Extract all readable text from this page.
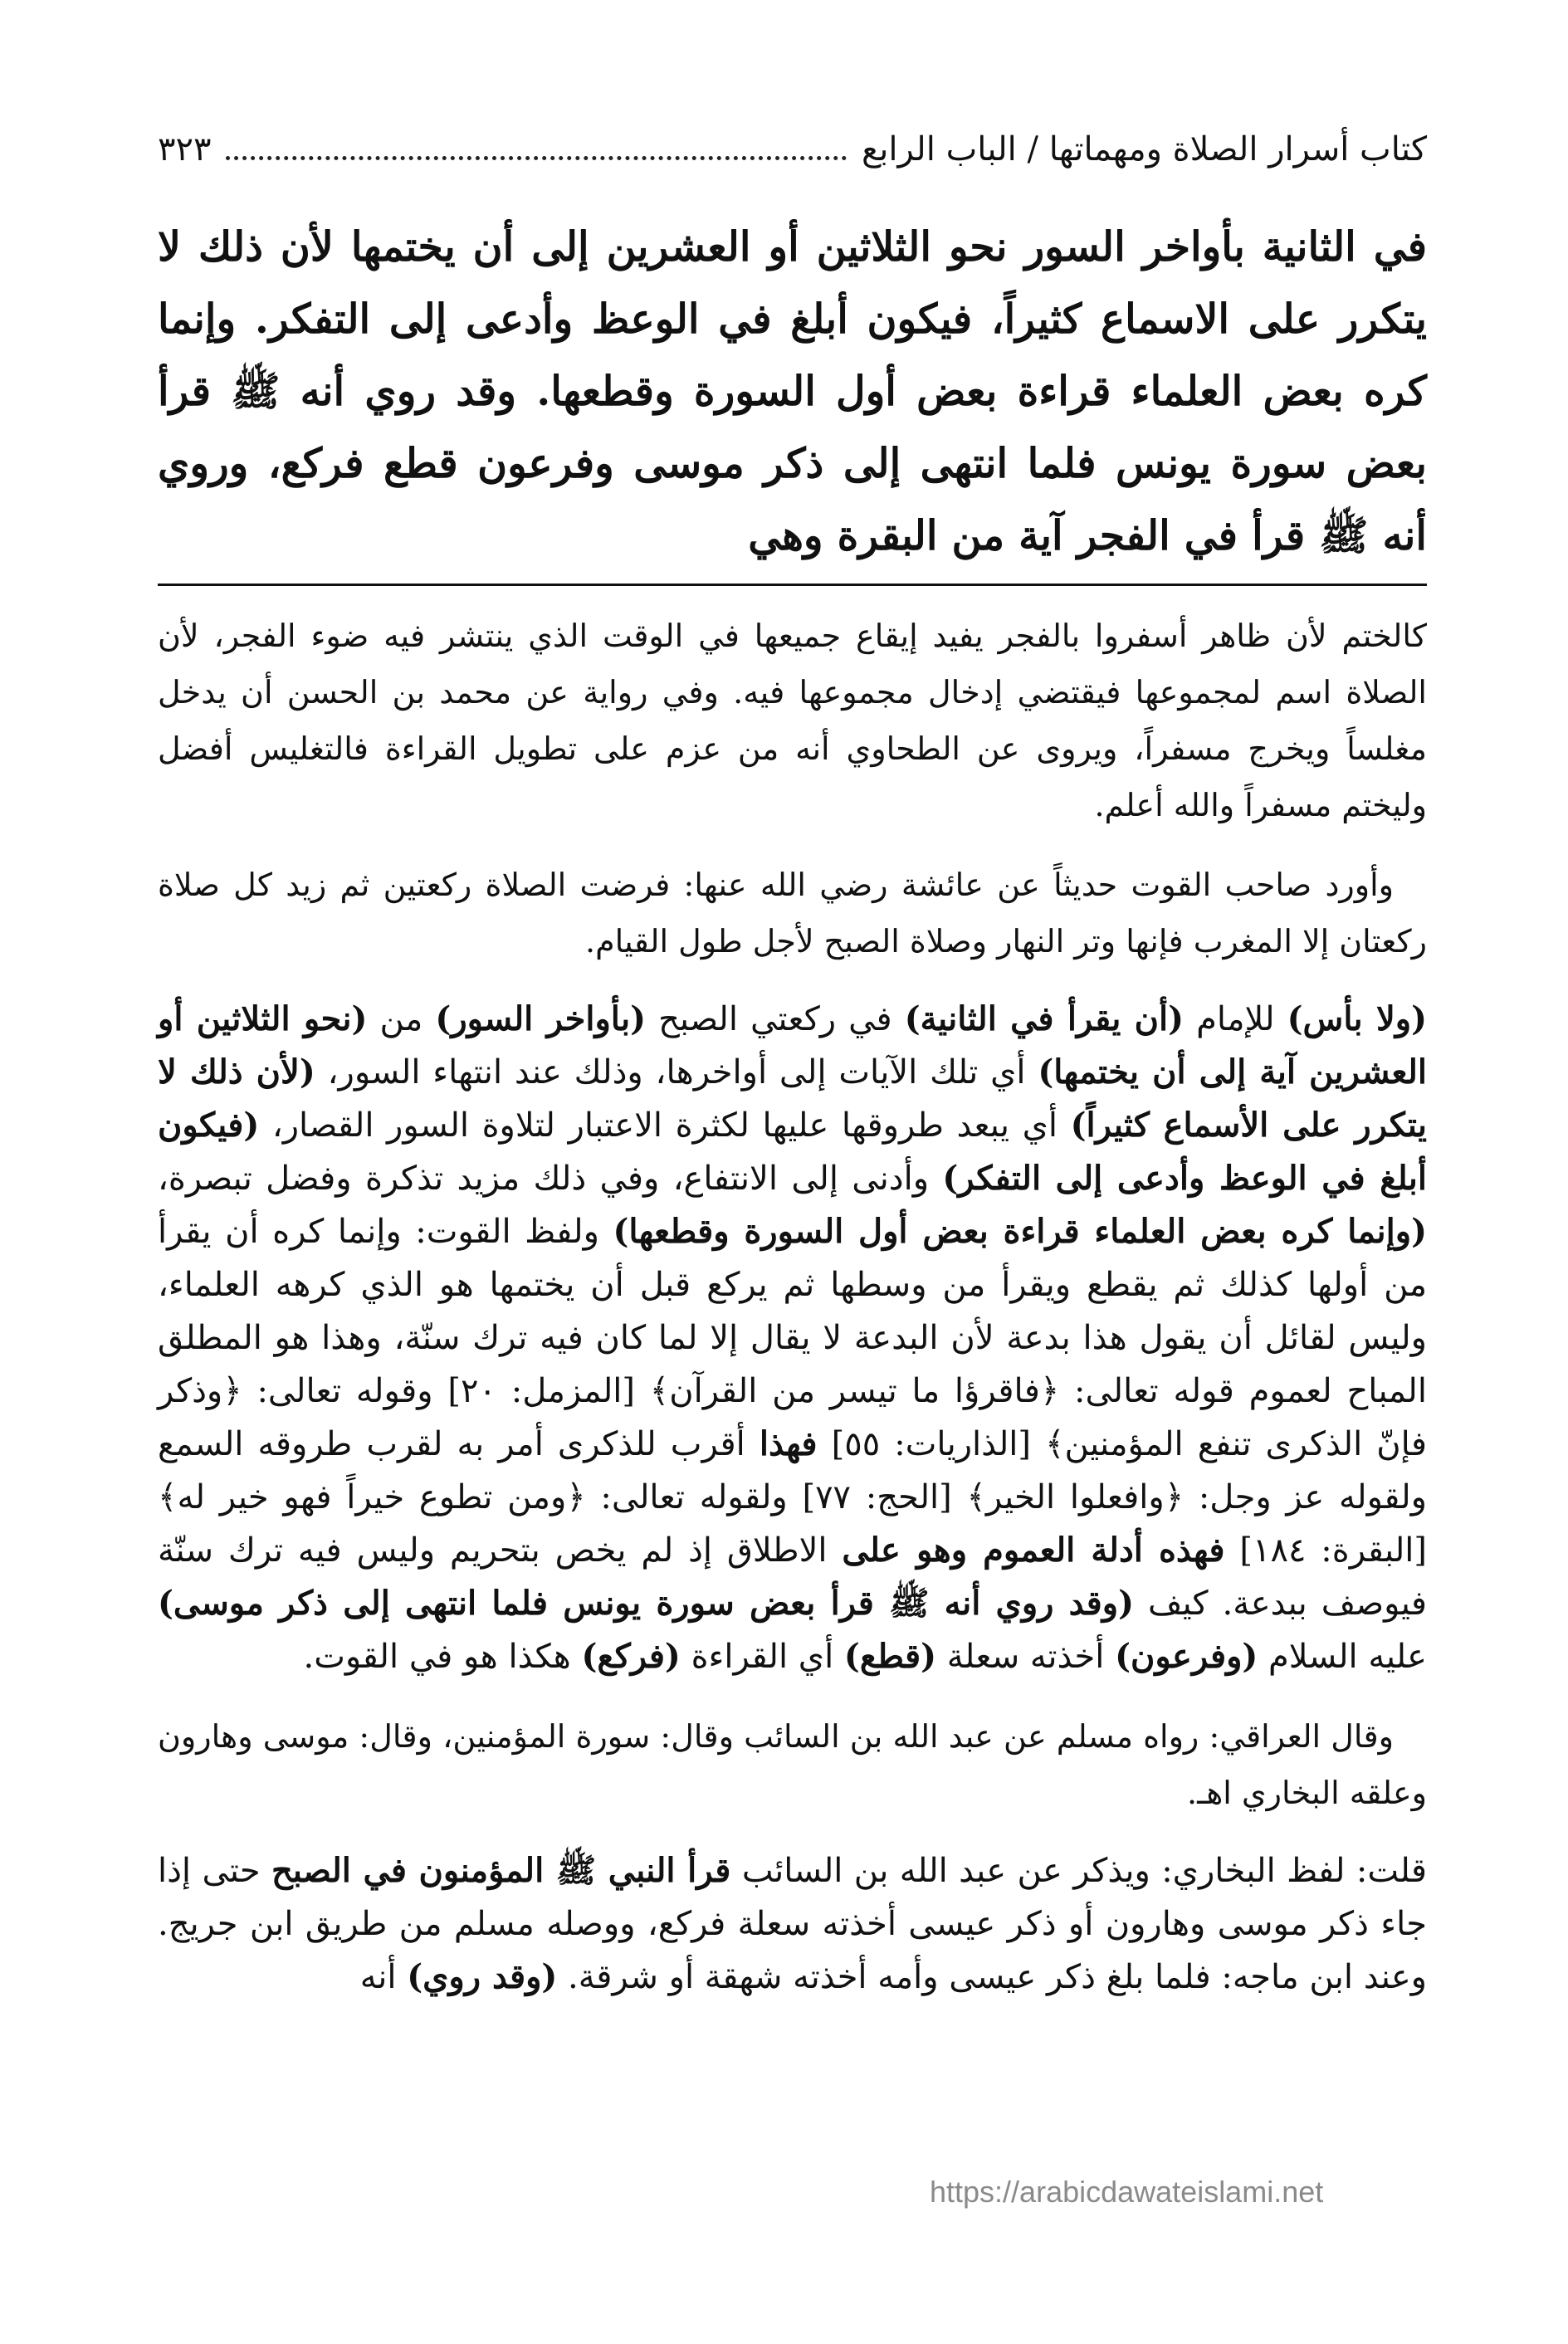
كتاب أسرار الصلاة ومهماتها / الباب الرابع
٣٢٣
في الثانية بأواخر السور نحو الثلاثين أو العشرين إلى أن يختمها لأن ذلك لا يتكرر على الاسماع كثيراً، فيكون أبلغ في الوعظ وأدعى إلى التفكر. وإنما كره بعض العلماء قراءة بعض أول السورة وقطعها. وقد روي أنه ﷺ قرأ بعض سورة يونس فلما انتهى إلى ذكر موسى وفرعون قطع فركع، وروي أنه ﷺ قرأ في الفجر آية من البقرة وهي

كالختم لأن ظاهر أسفروا بالفجر يفيد إيقاع جميعها في الوقت الذي ينتشر فيه ضوء الفجر، لأن الصلاة اسم لمجموعها فيقتضي إدخال مجموعها فيه. وفي رواية عن محمد بن الحسن أن يدخل مغلساً ويخرج مسفراً، ويروى عن الطحاوي أنه من عزم على تطويل القراءة فالتغليس أفضل وليختم مسفراً والله أعلم.

وأورد صاحب القوت حديثاً عن عائشة رضي الله عنها: فرضت الصلاة ركعتين ثم زيد كل صلاة ركعتان إلا المغرب فإنها وتر النهار وصلاة الصبح لأجل طول القيام.

(ولا بأس) للإمام (أن يقرأ في الثانية) في ركعتي الصبح (بأواخر السور) من (نحو الثلاثين أو العشرين آية إلى أن يختمها) أي تلك الآيات إلى أواخرها، وذلك عند انتهاء السور، (لأن ذلك لا يتكرر على الأسماع كثيراً) أي يبعد طروقها عليها لكثرة الاعتبار لتلاوة السور القصار، (فيكون أبلغ في الوعظ وأدعى إلى التفكر) وأدنى إلى الانتفاع، وفي ذلك مزيد تذكرة وفضل تبصرة، (وإنما كره بعض العلماء قراءة بعض أول السورة وقطعها) ولفظ القوت: وإنما كره أن يقرأ من أولها كذلك ثم يقطع ويقرأ من وسطها ثم يركع قبل أن يختمها هو الذي كرهه العلماء، وليس لقائل أن يقول هذا بدعة لأن البدعة لا يقال إلا لما كان فيه ترك سنّة، وهذا هو المطلق المباح لعموم قوله تعالى: ﴿فاقرؤا ما تيسر من القرآن﴾ [المزمل: ٢٠] وقوله تعالى: ﴿وذكر فإنّ الذكرى تنفع المؤمنين﴾ [الذاريات: ٥٥] فهذا أقرب للذكرى أمر به لقرب طروقه السمع ولقوله عز وجل: ﴿وافعلوا الخير﴾ [الحج: ٧٧] ولقوله تعالى: ﴿ومن تطوع خيراً فهو خير له﴾ [البقرة: ١٨٤] فهذه أدلة العموم وهو على الاطلاق إذ لم يخص بتحريم وليس فيه ترك سنّة فيوصف ببدعة. كيف (وقد روي أنه ﷺ قرأ بعض سورة يونس فلما انتهى إلى ذكر موسى) عليه السلام (وفرعون) أخذته سعلة (قطع) أي القراءة (فركع) هكذا هو في القوت.

وقال العراقي: رواه مسلم عن عبد الله بن السائب وقال: سورة المؤمنين، وقال: موسى وهارون وعلقه البخاري اهـ.

قلت: لفظ البخاري: ويذكر عن عبد الله بن السائب قرأ النبي ﷺ المؤمنون في الصبح حتى إذا جاء ذكر موسى وهارون أو ذكر عيسى أخذته سعلة فركع، ووصله مسلم من طريق ابن جريج. وعند ابن ماجه: فلما بلغ ذكر عيسى وأمه أخذته شهقة أو شرقة. (وقد روي) أنه
https://arabicdawateislami.net
